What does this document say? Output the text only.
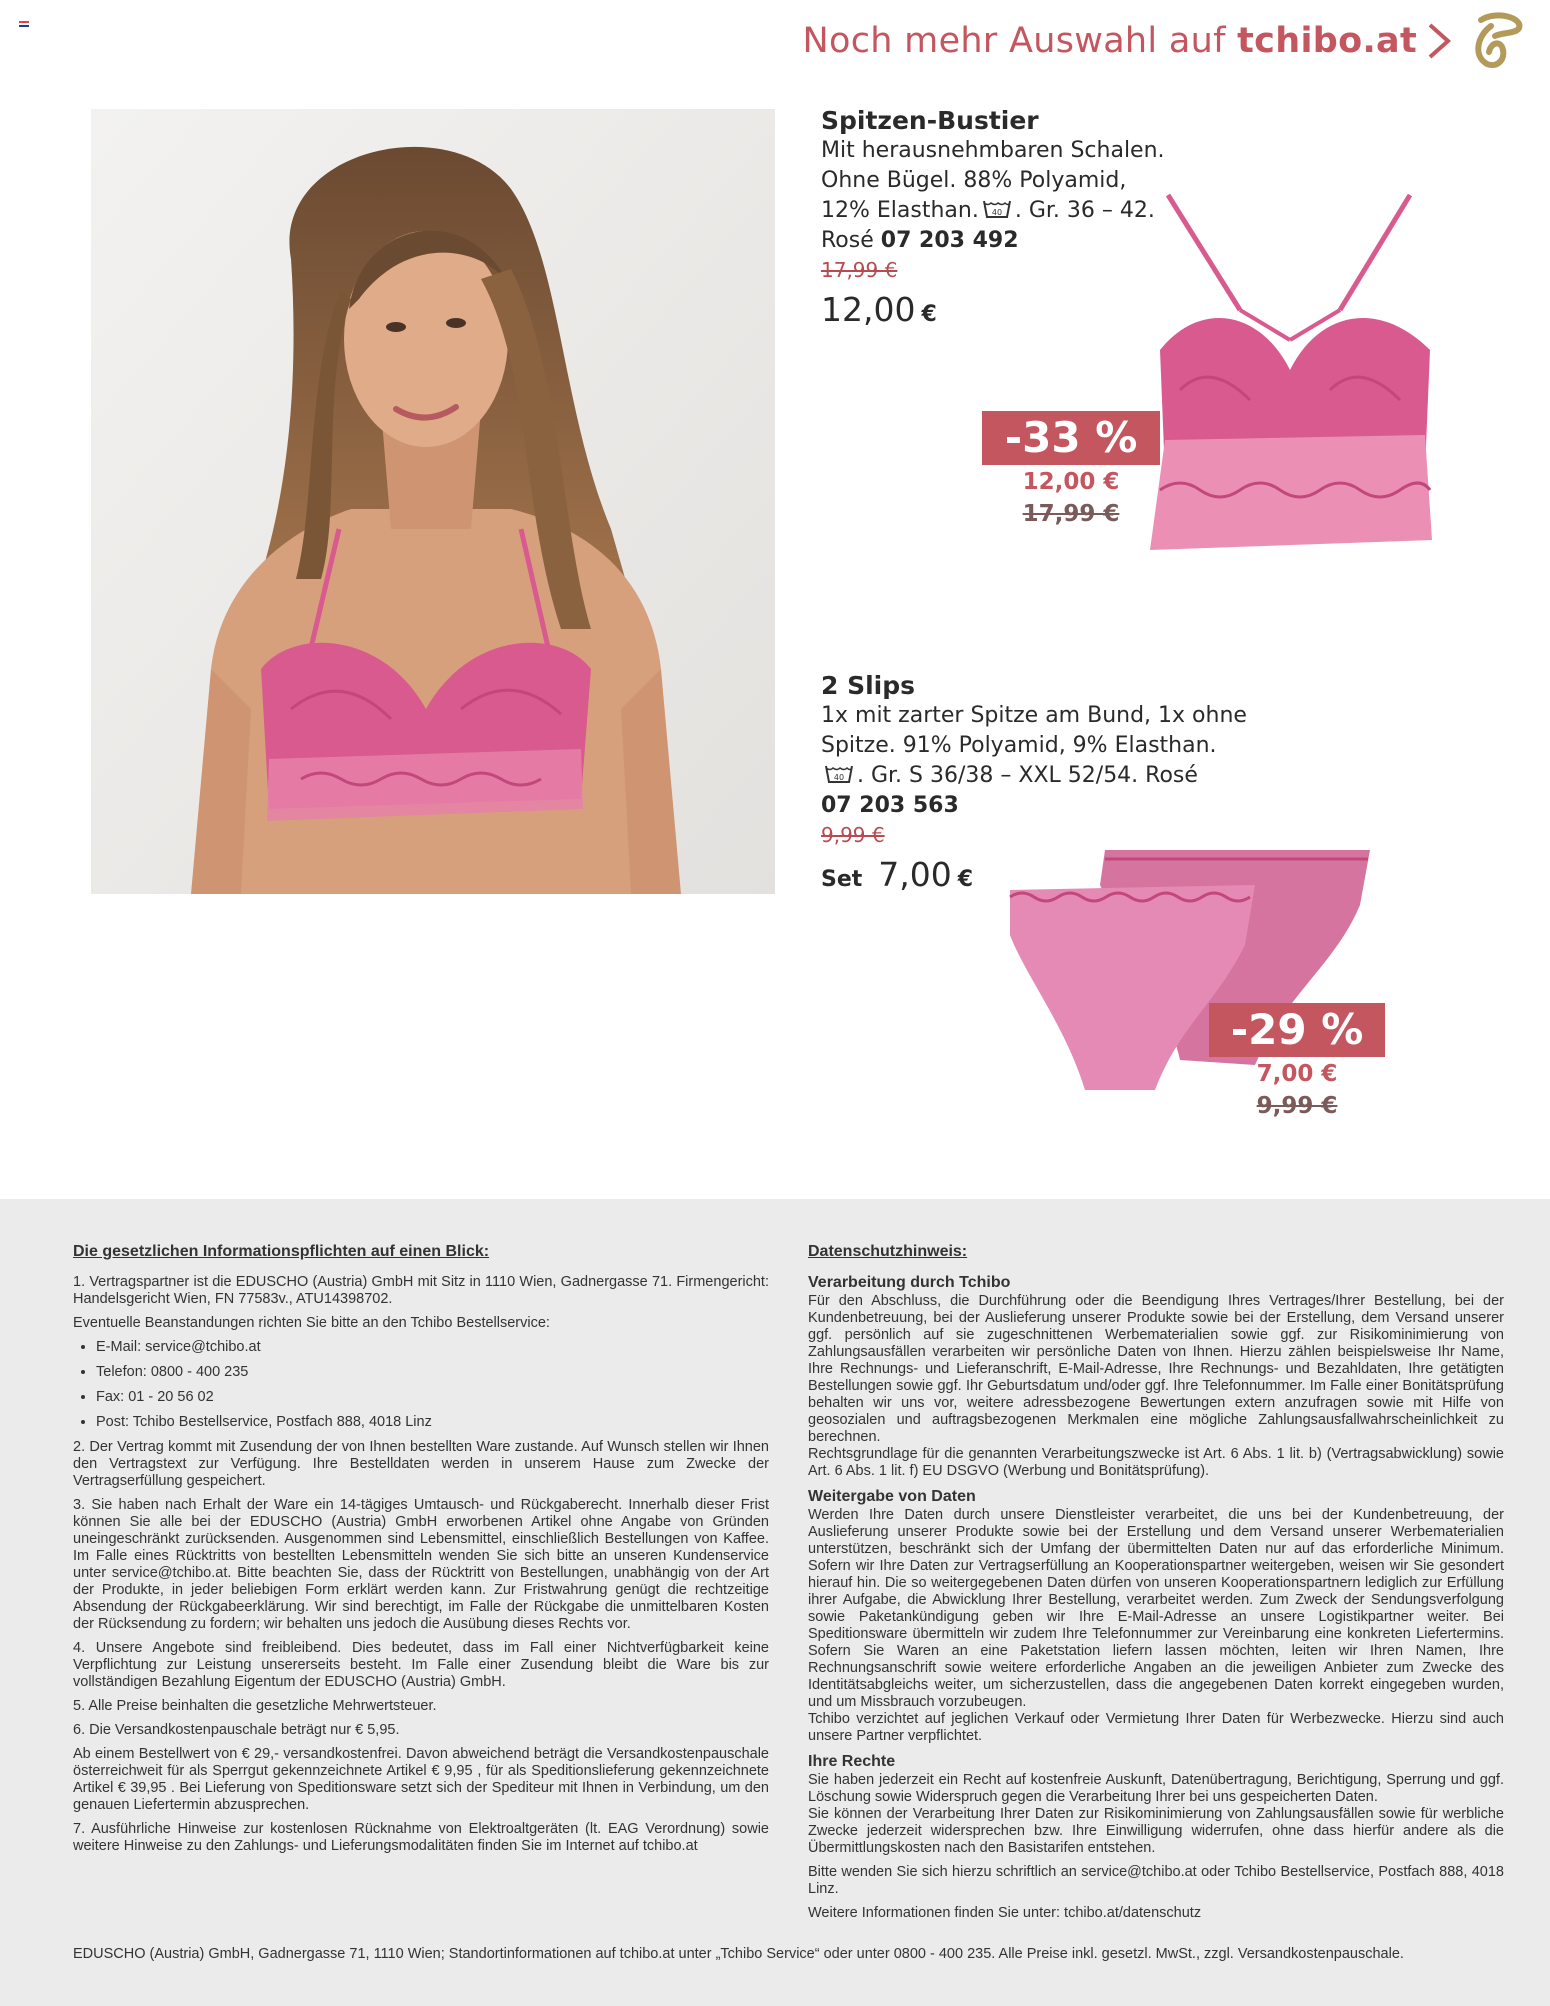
Noch mehr Auswahl auf tchibo.at
Spitzen-Bustier
Mit herausnehmbaren Schalen.
Ohne Bügel. 88% Polyamid,
12% Elasthan. 40 . Gr. 36 – 42.
Rosé 07 203 492
17,99 €
12,00 €
-33 %
12,00 €
17,99 €
2 Slips
1x mit zarter Spitze am Bund, 1x ohne
Spitze. 91% Polyamid, 9% Elasthan.
40 . Gr. S 36/38 – XXL 52/54. Rosé
07 203 563
9,99 €
Set 7,00 €
-29 %
7,00 €
9,99 €
Die gesetzlichen Informationspflichten auf einen Blick:

1. Vertragspartner ist die EDUSCHO (Austria) GmbH mit Sitz in 1110 Wien, Gadnergasse 71. Firmengericht: Handelsgericht Wien, FN 77583v., ATU14398702.

Eventuelle Beanstandungen richten Sie bitte an den Tchibo Bestellservice:

• E-Mail: service@tchibo.at
• Telefon: 0800 - 400 235
• Fax: 01 - 20 56 02
• Post: Tchibo Bestellservice, Postfach 888, 4018 Linz

2. Der Vertrag kommt mit Zusendung der von Ihnen bestellten Ware zustande. Auf Wunsch stellen wir Ihnen den Vertragstext zur Verfügung. Ihre Bestelldaten werden in unserem Hause zum Zwecke der Vertragserfüllung gespeichert.

3. Sie haben nach Erhalt der Ware ein 14-tägiges Umtausch- und Rückgaberecht. Innerhalb dieser Frist können Sie alle bei der EDUSCHO (Austria) GmbH erworbenen Artikel ohne Angabe von Gründen uneingeschränkt zurücksenden. Ausgenommen sind Lebensmittel, einschließlich Bestellungen von Kaffee. Im Falle eines Rücktritts von bestellten Lebensmitteln wenden Sie sich bitte an unseren Kundenservice unter service@tchibo.at. Bitte beachten Sie, dass der Rücktritt von Bestellungen, unabhängig von der Art der Produkte, in jeder beliebigen Form erklärt werden kann. Zur Fristwahrung genügt die rechtzeitige Absendung der Rückgabeerklärung. Wir sind berechtigt, im Falle der Rückgabe die unmittelbaren Kosten der Rücksendung zu fordern; wir behalten uns jedoch die Ausübung dieses Rechts vor.

4. Unsere Angebote sind freibleibend. Dies bedeutet, dass im Fall einer Nichtverfügbarkeit keine Verpflichtung zur Leistung unsererseits besteht. Im Falle einer Zusendung bleibt die Ware bis zur vollständigen Bezahlung Eigentum der EDUSCHO (Austria) GmbH.

5. Alle Preise beinhalten die gesetzliche Mehrwertsteuer.

6. Die Versandkostenpauschale beträgt nur € 5,95.

Ab einem Bestellwert von € 29,- versandkostenfrei. Davon abweichend beträgt die Versandkostenpauschale österreichweit für als Sperrgut gekennzeichnete Artikel € 9,95 , für als Speditionslieferung gekennzeichnete Artikel € 39,95 . Bei Lieferung von Speditionsware setzt sich der Spediteur mit Ihnen in Verbindung, um den genauen Liefertermin abzusprechen.

7. Ausführliche Hinweise zur kostenlosen Rücknahme von Elektroaltgeräten (lt. EAG Verordnung) sowie weitere Hinweise zu den Zahlungs- und Lieferungsmodalitäten finden Sie im Internet auf tchibo.at

Datenschutzhinweis:
Verarbeitung durch Tchibo

Für den Abschluss, die Durchführung oder die Beendigung Ihres Vertrages/Ihrer Bestellung, bei der Kundenbetreuung, bei der Auslieferung unserer Produkte sowie bei der Erstellung, dem Versand unserer ggf. persönlich auf sie zugeschnittenen Werbematerialien sowie ggf. zur Risikominimierung von Zahlungsausfällen verarbeiten wir persönliche Daten von Ihnen. Hierzu zählen beispielsweise Ihr Name, Ihre Rechnungs- und Lieferanschrift, E-Mail-Adresse, Ihre Rechnungs- und Bezahldaten, Ihre getätigten Bestellungen sowie ggf. Ihr Geburtsdatum und/oder ggf. Ihre Telefonnummer. Im Falle einer Bonitätsprüfung behalten wir uns vor, weitere adressbezogene Bewertungen extern anzufragen sowie mit Hilfe von geosozialen und auftragsbezogenen Merkmalen eine mögliche Zahlungsausfallwahrscheinlichkeit zu berechnen.

Rechtsgrundlage für die genannten Verarbeitungszwecke ist Art. 6 Abs. 1 lit. b) (Vertragsabwicklung) sowie Art. 6 Abs. 1 lit. f) EU DSGVO (Werbung und Bonitätsprüfung).

Weitergabe von Daten

Werden Ihre Daten durch unsere Dienstleister verarbeitet, die uns bei der Kundenbetreuung, der Auslieferung unserer Produkte sowie bei der Erstellung und dem Versand unserer Werbematerialien unterstützen, beschränkt sich der Umfang der übermittelten Daten nur auf das erforderliche Minimum. Sofern wir Ihre Daten zur Vertragserfüllung an Kooperationspartner weitergeben, weisen wir Sie gesondert hierauf hin. Die so weitergegebenen Daten dürfen von unseren Kooperationspartnern lediglich zur Erfüllung ihrer Aufgabe, die Abwicklung Ihrer Bestellung, verarbeitet werden. Zum Zweck der Sendungsverfolgung sowie Paketankündigung geben wir Ihre E-Mail-Adresse an unsere Logistikpartner weiter. Bei Speditionsware übermitteln wir zudem Ihre Telefonnummer zur Vereinbarung eine konkreten Liefertermins. Sofern Sie Waren an eine Paketstation liefern lassen möchten, leiten wir Ihren Namen, Ihre Rechnungsanschrift sowie weitere erforderliche Angaben an die jeweiligen Anbieter zum Zwecke des Identitätsabgleichs weiter, um sicherzustellen, dass die angegebenen Daten korrekt eingegeben wurden, und um Missbrauch vorzubeugen.

Tchibo verzichtet auf jeglichen Verkauf oder Vermietung Ihrer Daten für Werbezwecke. Hierzu sind auch unsere Partner verpflichtet.

Ihre Rechte

Sie haben jederzeit ein Recht auf kostenfreie Auskunft, Datenübertragung, Berichtigung, Sperrung und ggf. Löschung sowie Widerspruch gegen die Verarbeitung Ihrer bei uns gespeicherten Daten.

Sie können der Verarbeitung Ihrer Daten zur Risikominimierung von Zahlungsausfällen sowie für werbliche Zwecke jederzeit widersprechen bzw. Ihre Einwilligung widerrufen, ohne dass hierfür andere als die Übermittlungskosten nach den Basistarifen entstehen.

Bitte wenden Sie sich hierzu schriftlich an service@tchibo.at oder Tchibo Bestellservice, Postfach 888, 4018 Linz.

Weitere Informationen finden Sie unter: tchibo.at/datenschutz

EDUSCHO (Austria) GmbH, Gadnergasse 71, 1110 Wien; Standortinformationen auf tchibo.at unter „Tchibo Service“ oder unter 0800 - 400 235. Alle Preise inkl. gesetzl. MwSt., zzgl. Versandkostenpauschale.
